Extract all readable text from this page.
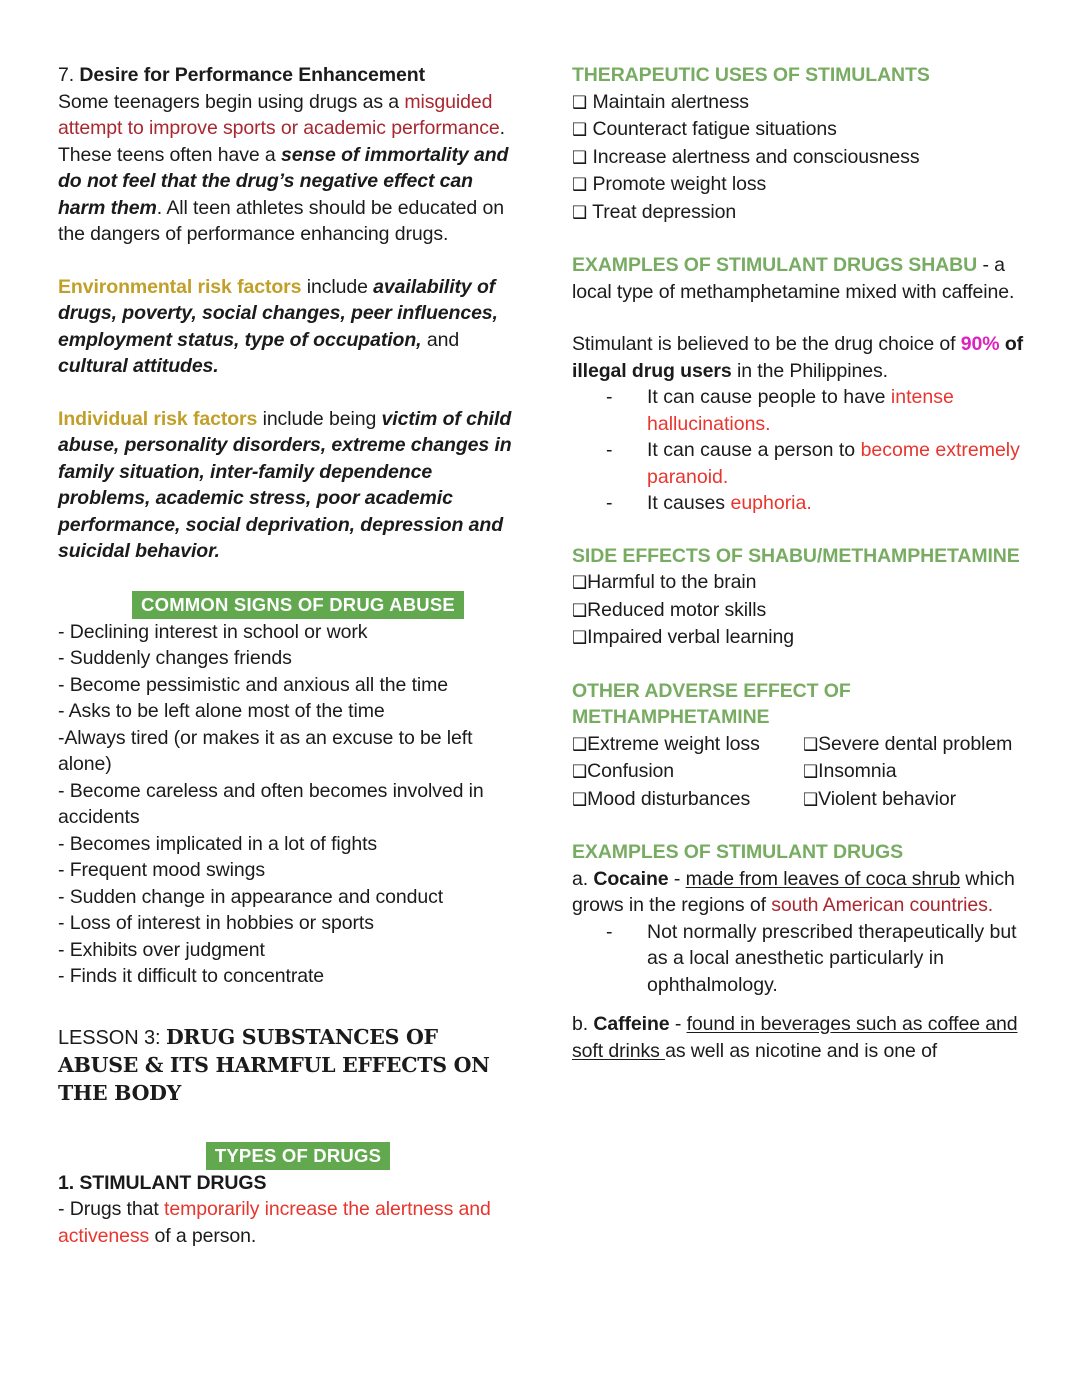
7. Desire for Performance Enhancement
Some teenagers begin using drugs as a misguided attempt to improve sports or academic performance. These teens often have a sense of immortality and do not feel that the drug’s negative effect can harm them. All teen athletes should be educated on the dangers of performance enhancing drugs.

Environmental risk factors include availability of drugs, poverty, social changes, peer influences, employment status, type of occupation, and cultural attitudes.

Individual risk factors include being victim of child abuse, personality disorders, extreme changes in family situation, inter-family dependence problems, academic stress, poor academic performance, social deprivation, depression and suicidal behavior.

COMMON SIGNS OF DRUG ABUSE
- Declining interest in school or work
- Suddenly changes friends
- Become pessimistic and anxious all the time
- Asks to be left alone most of the time
-Always tired (or makes it as an excuse to be left alone)
- Become careless and often becomes involved in accidents
- Becomes implicated in a lot of fights
- Frequent mood swings
- Sudden change in appearance and conduct
- Loss of interest in hobbies or sports
- Exhibits over judgment
- Finds it difficult to concentrate

LESSON 3: DRUG SUBSTANCES OF ABUSE & ITS HARMFUL EFFECTS ON THE BODY

TYPES OF DRUGS

1. STIMULANT DRUGS

- Drugs that temporarily increase the alertness and activeness of a person.

THERAPEUTIC USES OF STIMULANTS

❑ Maintain alertness
❑ Counteract fatigue situations
❑ Increase alertness and consciousness
❑ Promote weight loss
❑ Treat depression

EXAMPLES OF STIMULANT DRUGS SHABU - a local type of methamphetamine mixed with caffeine.

Stimulant is believed to be the drug choice of 90% of illegal drug users in the Philippines.

- It can cause people to have intense hallucinations.
- It can cause a person to become extremely paranoid.
- It causes euphoria.

SIDE EFFECTS OF SHABU/METHAMPHETAMINE

❑Harmful to the brain
❑Reduced motor skills
❑Impaired verbal learning

OTHER ADVERSE EFFECT OF METHAMPHETAMINE

❑Extreme weight loss
❑Confusion
❑Mood disturbances
❑Severe dental problem
❑Insomnia
❑Violent behavior

EXAMPLES OF STIMULANT DRUGS

a. Cocaine - made from leaves of coca shrub which grows in the regions of south American countries.

- Not normally prescribed therapeutically but as a local anesthetic particularly in ophthalmology.

b. Caffeine - found in beverages such as coffee and soft drinks as well as nicotine and is one of
